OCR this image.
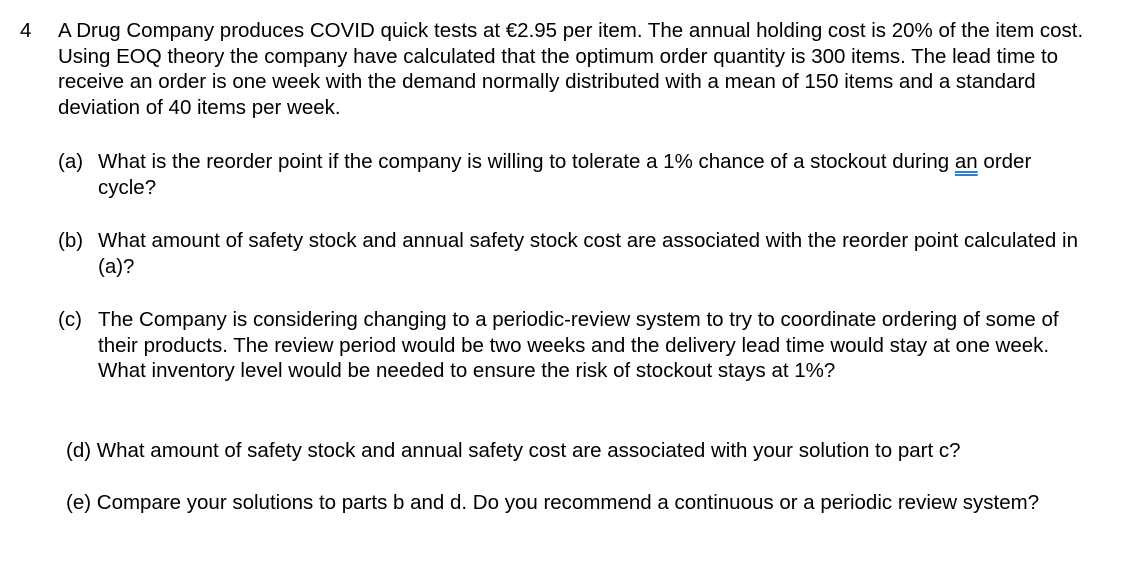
4 A Drug Company produces COVID quick tests at €2.95 per item. The annual holding cost is 20% of the item cost. Using EOQ theory the company have calculated that the optimum order quantity is 300 items. The lead time to receive an order is one week with the demand normally distributed with a mean of 150 items and a standard deviation of 40 items per week.

(a) What is the reorder point if the company is willing to tolerate a 1% chance of a stockout during an order cycle?
(b) What amount of safety stock and annual safety stock cost are associated with the reorder point calculated in (a)?
(c) The Company is considering changing to a periodic-review system to try to coordinate ordering of some of their products. The review period would be two weeks and the delivery lead time would stay at one week. What inventory level would be needed to ensure the risk of stockout stays at 1%?
(d) What amount of safety stock and annual safety cost are associated with your solution to part c?
(e) Compare your solutions to parts b and d. Do you recommend a continuous or a periodic review system?
